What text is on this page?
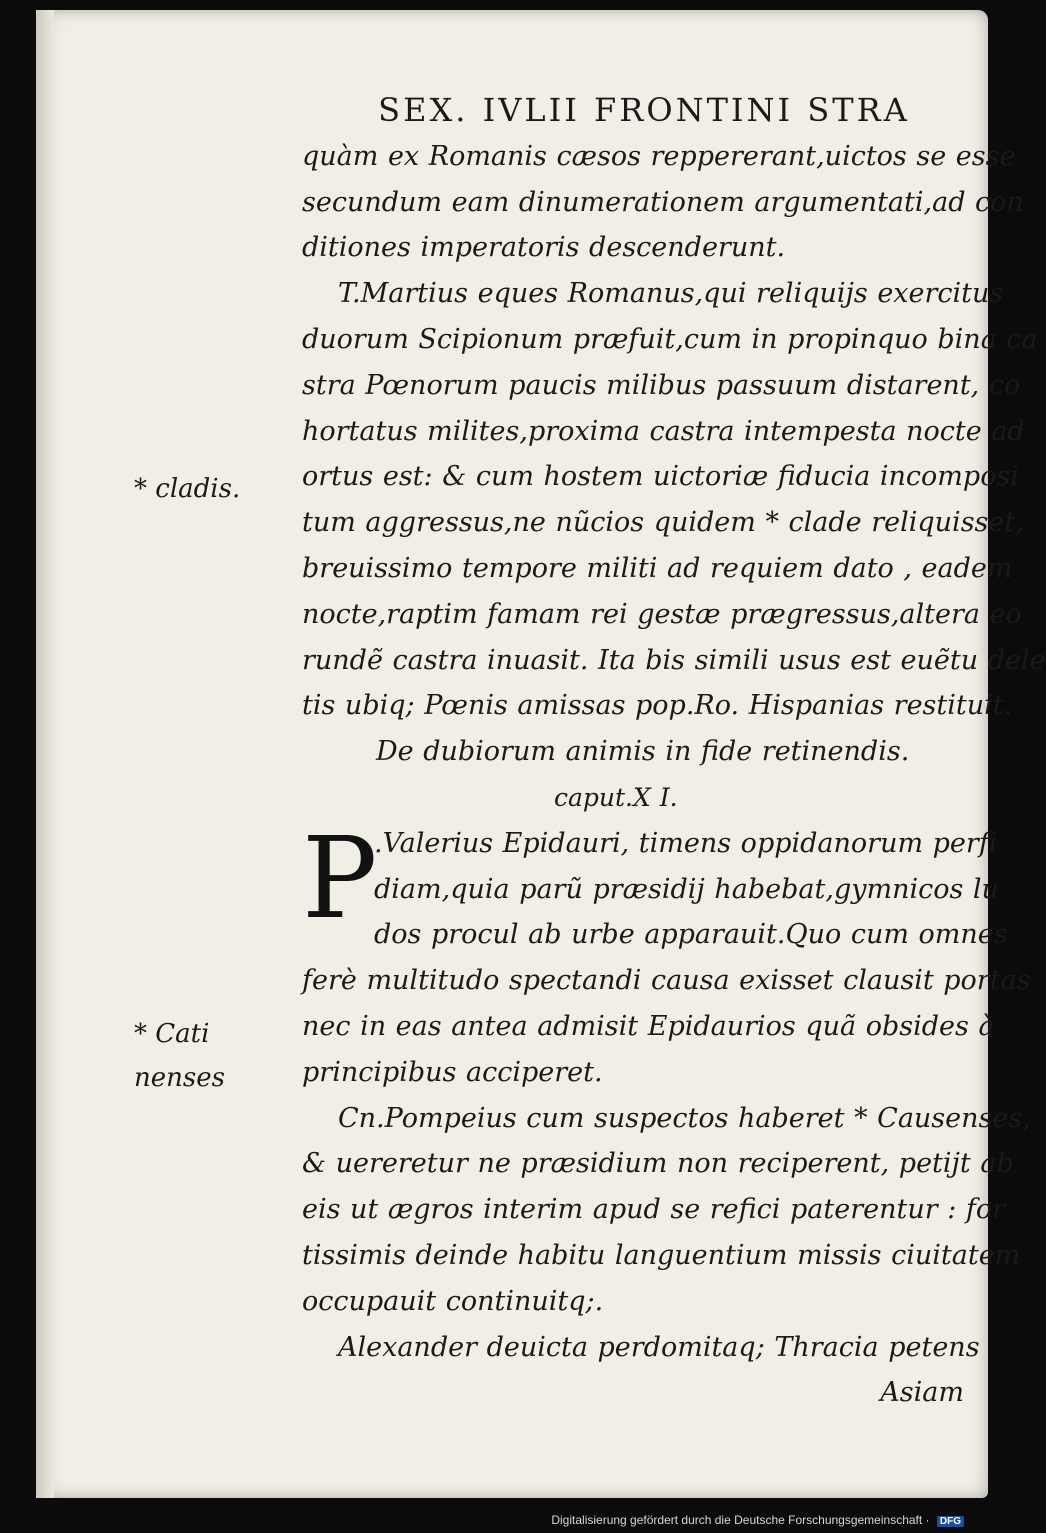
* cladis.
* Cati
nenses
SEX. IVLII FRONTINI STRA
quàm ex Romanis cæsos reppererant,uictos se esse
secundum eam dinumerationem argumentati,ad con
ditiones imperatoris descenderunt.
T.Martius eques Romanus,qui reliquijs exercitus
duorum Scipionum præfuit,cum in propinquo bina ca
stra Pœnorum paucis milibus passuum distarent, co
hortatus milites,proxima castra intempesta nocte ad
ortus est: & cum hostem uictoriæ fiducia incomposi
tum aggressus,ne nũcios quidem * clade reliquisset,
breuissimo tempore militi ad requiem dato , eadem
nocte,raptim famam rei gestæ prægressus,altera eo
rundẽ castra inuasit. Ita bis simili usus est euẽtu dele
tis ubiq; Pœnis amissas pop.Ro. Hispanias restituit.
De dubiorum animis in fide retinendis.
caput.X I.
P
.Valerius Epidauri, timens oppidanorum perfi
diam,quia parũ præsidij habebat,gymnicos lu
dos procul ab urbe apparauit.Quo cum omnes
ferè multitudo spectandi causa exisset clausit portas
nec in eas antea admisit Epidaurios quã obsides à
principibus acciperet.
Cn.Pompeius cum suspectos haberet * Causenses,
& uereretur ne præsidium non reciperent, petijt ab
eis ut ægros interim apud se refici paterentur : for
tissimis deinde habitu languentium missis ciuitatem
occupauit continuitq;.
Alexander deuicta perdomitaq; Thracia petens
Asiam
Digitalisierung gefördert durch die Deutsche Forschungsgemeinschaft · DFG
